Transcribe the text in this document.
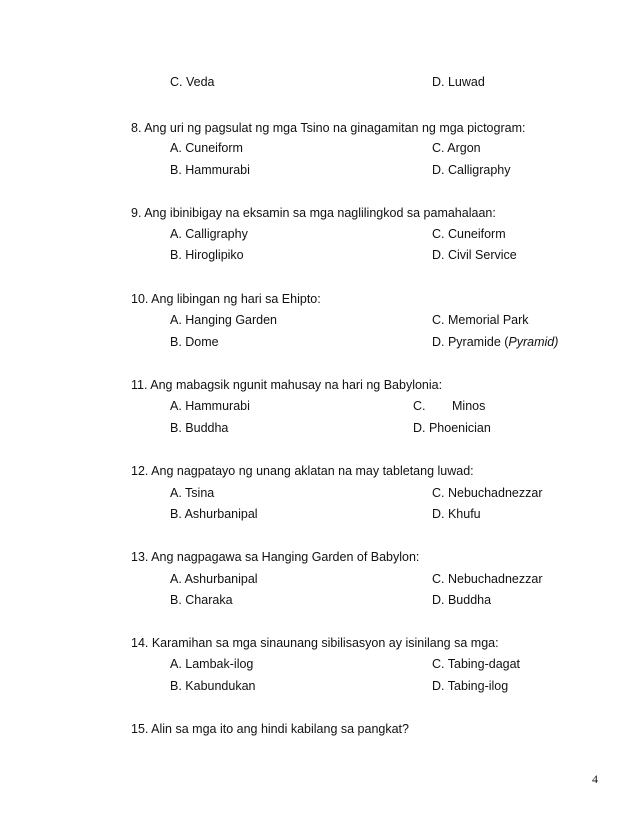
C. Veda	D. Luwad
8. Ang uri ng pagsulat ng mga Tsino na ginagamitan ng mga pictogram:
A. Cuneiform	C. Argon
B. Hammurabi	D. Calligraphy
9. Ang ibinibigay na eksamin sa mga naglilingkod sa pamahalaan:
A. Calligraphy	C. Cuneiform
B. Hiroglipiko	D. Civil Service
10. Ang libingan ng hari sa Ehipto:
A. Hanging Garden	C. Memorial Park
B. Dome	D. Pyramide (Pyramid)
11. Ang mabagsik ngunit mahusay na hari ng Babylonia:
A. Hammurabi	C. Minos
B. Buddha	D. Phoenician
12. Ang nagpatayo ng unang aklatan na may tabletang luwad:
A. Tsina	C. Nebuchadnezzar
B. Ashurbanipal	D. Khufu
13. Ang nagpagawa sa Hanging Garden of Babylon:
A. Ashurbanipal	C. Nebuchadnezzar
B. Charaka	D. Buddha
14. Karamihan sa mga sinaunang sibilisasyon ay isinilang sa mga:
A. Lambak-ilog	C. Tabing-dagat
B. Kabundukan	D. Tabing-ilog
15. Alin sa mga ito ang hindi kabilang sa pangkat?
4
